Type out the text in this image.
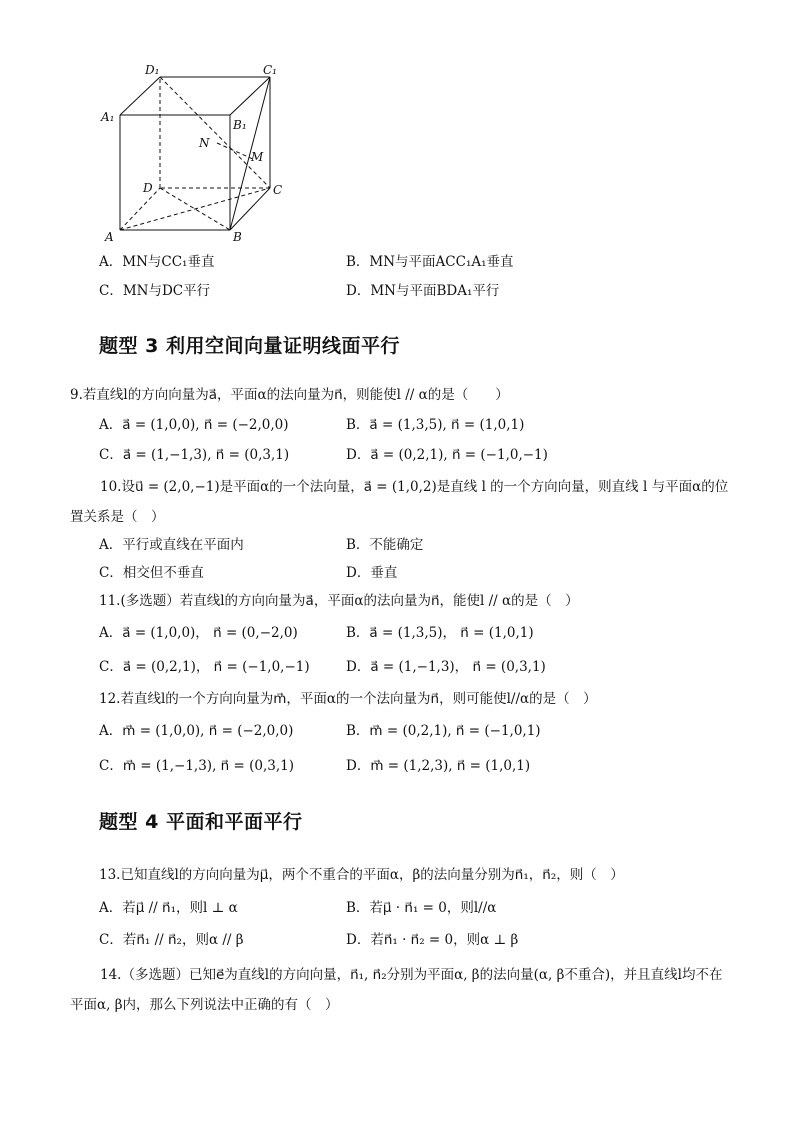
D₁	C₁
A₁
B₁
N
M
D	C
A	B
A．MN与CC₁垂直	B．MN与平面ACC₁A₁垂直
C．MN与DC平行	D．MN与平面BDA₁平行
题型 3 利用空间向量证明线面平行
9.若直线l的方向向量为a⃗，平面α的法向量为n⃗，则能使l // α的是（　　）
A．a⃗ = (1,0,0), n⃗ = (−2,0,0)	B．a⃗ = (1,3,5), n⃗ = (1,0,1)
C．a⃗ = (1,−1,3), n⃗ = (0,3,1)	D．a⃗ = (0,2,1), n⃗ = (−1,0,−1)
10.设u⃗ = (2,0,−1)是平面α的一个法向量，a⃗ = (1,0,2)是直线 l 的一个方向向量，则直线 l 与平面α的位置关系是（　）
A．平行或直线在平面内	B．不能确定
C．相交但不垂直	D．垂直
11.(多选题）若直线l的方向向量为a⃗，平面α的法向量为n⃗，能使l // α的是（　）
A．a⃗ = (1,0,0)， n⃗ = (0,−2,0)	B．a⃗ = (1,3,5)， n⃗ = (1,0,1)
C．a⃗ = (0,2,1)， n⃗ = (−1,0,−1)	D．a⃗ = (1,−1,3)， n⃗ = (0,3,1)
12.若直线l的一个方向向量为m⃗，平面α的一个法向量为n⃗，则可能使l//α的是（　）
A．m⃗ = (1,0,0), n⃗ = (−2,0,0)	B．m⃗ = (0,2,1), n⃗ = (−1,0,1)
C．m⃗ = (1,−1,3), n⃗ = (0,3,1)	D．m⃗ = (1,2,3), n⃗ = (1,0,1)
题型 4 平面和平面平行
13.已知直线l的方向向量为μ⃗，两个不重合的平面α，β的法向量分别为n⃗₁，n⃗₂，则（　）
A．若μ⃗ // n⃗₁，则l ⊥ α	B．若μ⃗ · n⃗₁ = 0，则l//α
C．若n⃗₁ // n⃗₂，则α // β	D．若n⃗₁ · n⃗₂ = 0，则α ⊥ β
14.（多选题）已知e⃗为直线l的方向向量，n⃗₁, n⃗₂分别为平面α, β的法向量(α, β不重合)，并且直线l均不在平面α, β内，那么下列说法中正确的有（　）
